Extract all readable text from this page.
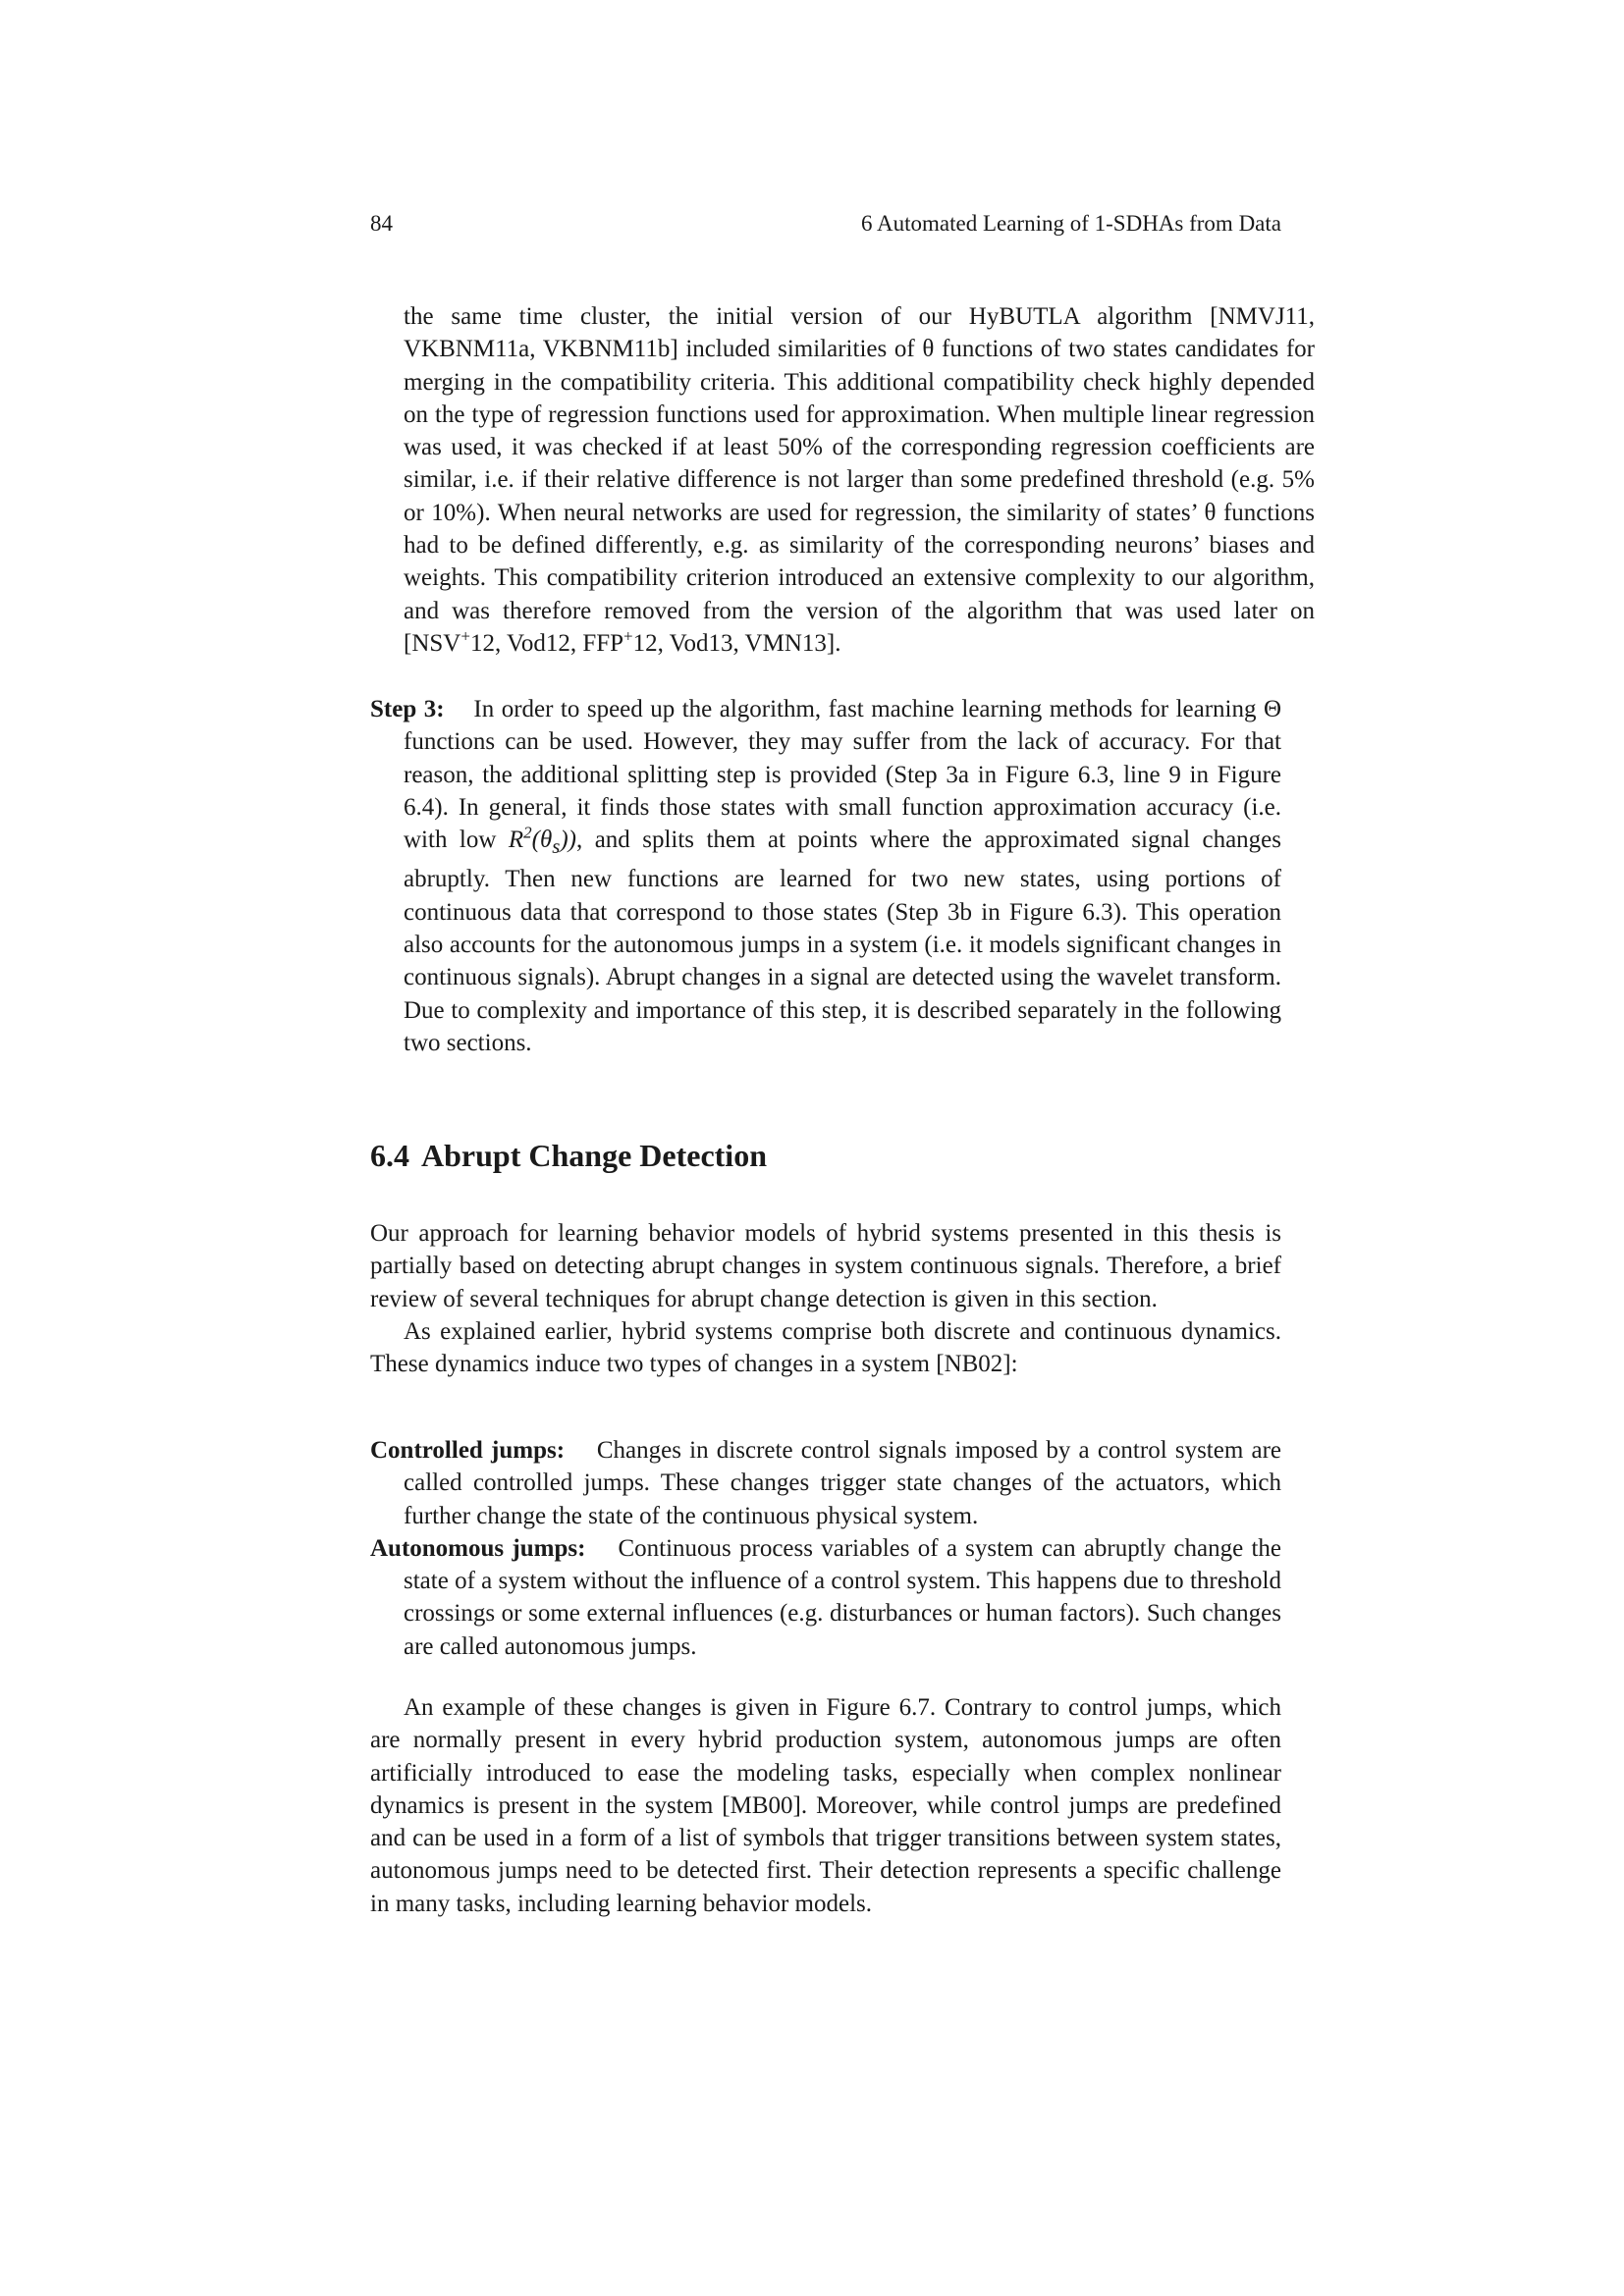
84	6 Automated Learning of 1-SDHAs from Data

the same time cluster, the initial version of our HyBUTLA algorithm [NMVJ11, VKBNM11a, VKBNM11b] included similarities of θ functions of two states candidates for merging in the compatibility criteria. This additional compatibility check highly depended on the type of regression functions used for approximation. When multiple linear regression was used, it was checked if at least 50% of the corresponding regression coefficients are similar, i.e. if their relative difference is not larger than some predefined threshold (e.g. 5% or 10%). When neural networks are used for regression, the similarity of states’ θ functions had to be defined differently, e.g. as similarity of the corresponding neurons’ biases and weights. This compatibility criterion introduced an extensive complexity to our algorithm, and was therefore removed from the version of the algorithm that was used later on [NSV+12, Vod12, FFP+12, Vod13, VMN13].

Step 3: In order to speed up the algorithm, fast machine learning methods for learning Θ functions can be used. However, they may suffer from the lack of accuracy. For that reason, the additional splitting step is provided (Step 3a in Figure 6.3, line 9 in Figure 6.4). In general, it finds those states with small function approximation accuracy (i.e. with low $R^2(\theta_s)$), and splits them at points where the approximated signal changes abruptly. Then new functions are learned for two new states, using portions of continuous data that correspond to those states (Step 3b in Figure 6.3). This operation also accounts for the autonomous jumps in a system (i.e. it models significant changes in continuous signals). Abrupt changes in a signal are detected using the wavelet transform. Due to complexity and importance of this step, it is described separately in the following two sections.

6.4 Abrupt Change Detection

Our approach for learning behavior models of hybrid systems presented in this thesis is partially based on detecting abrupt changes in system continuous signals. Therefore, a brief review of several techniques for abrupt change detection is given in this section.

As explained earlier, hybrid systems comprise both discrete and continuous dynamics. These dynamics induce two types of changes in a system [NB02]:

Controlled jumps: Changes in discrete control signals imposed by a control system are called controlled jumps. These changes trigger state changes of the actuators, which further change the state of the continuous physical system.

Autonomous jumps: Continuous process variables of a system can abruptly change the state of a system without the influence of a control system. This happens due to threshold crossings or some external influences (e.g. disturbances or human factors). Such changes are called autonomous jumps.

An example of these changes is given in Figure 6.7. Contrary to control jumps, which are normally present in every hybrid production system, autonomous jumps are often artificially introduced to ease the modeling tasks, especially when complex nonlinear dynamics is present in the system [MB00]. Moreover, while control jumps are predefined and can be used in a form of a list of symbols that trigger transitions between system states, autonomous jumps need to be detected first. Their detection represents a specific challenge in many tasks, including learning behavior models.
